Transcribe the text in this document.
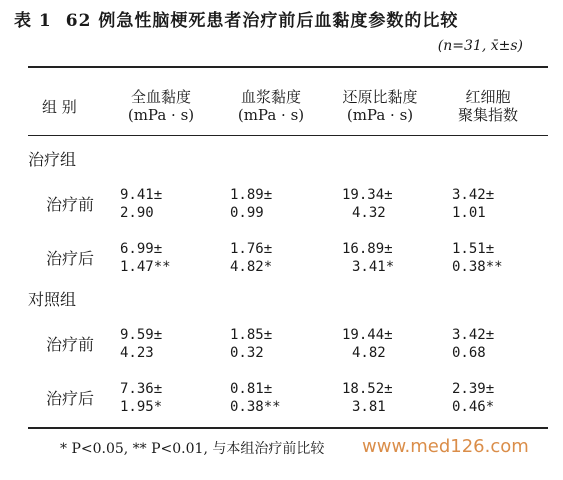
表 1 62 例急性脑梗死患者治疗前后血黏度参数的比较
(n=31, x̄±s)
组 别
全血黏度
(mPa · s)
血浆黏度
(mPa · s)
还原比黏度
(mPa · s)
红细胞
聚集指数
治疗组
治疗前 9.41±
2.90
1.89±
0.99
19.34±
4.32
3.42±
1.01
治疗后 6.99±
1.47**
1.76±
4.82*
16.89±
3.41*
1.51±
0.38**
对照组
治疗前 9.59±
4.23
1.85±
0.32
19.44±
4.82
3.42±
0.68
治疗后 7.36±
1.95*
0.81±
0.38**
18.52±
3.81
2.39±
0.46*
* P<0.05, ** P<0.01, 与本组治疗前比较 www.med126.com
